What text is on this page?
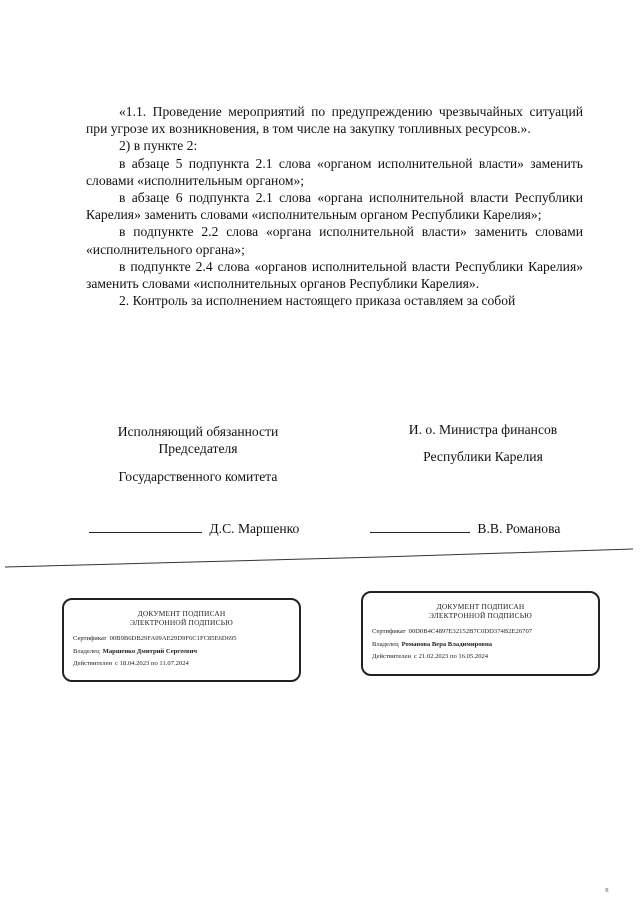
«1.1. Проведение мероприятий по предупреждению чрезвычайных ситуаций при угрозе их возникновения, в том числе на закупку топливных ресурсов.».

2) в пункте 2:

в абзаце 5 подпункта 2.1 слова «органом исполнительной власти» заменить словами «исполнительным органом»;

в абзаце 6 подпункта 2.1 слова «органа исполнительной власти Республики Карелия» заменить словами «исполнительным органом Республики Карелия»;

в подпункте 2.2 слова «органа исполнительной власти» заменить словами «исполнительного органа»;

в подпункте 2.4 слова «органов исполнительной власти Республики Карелия» заменить словами «исполнительных органов Республики Карелия».

2. Контроль за исполнением настоящего приказа оставляем за собой

Исполняющий обязанности
Председателя
Государственного комитета
И. о. Министра финансов
Республики Карелия
Д.С. Маршенко	В.В. Романова
ДОКУМЕНТ ПОДПИСАН
ЭЛЕКТРОННОЙ ПОДПИСЬЮ
Сертификат 00B9B6DB29FA09AE29D9F6C1FC85E6D695
Владелец Маршенко Дмитрий Сергеевич
Действителен с 18.04.2023 по 11.07.2024
ДОКУМЕНТ ПОДПИСАН
ЭЛЕКТРОННОЙ ПОДПИСЬЮ
Сертификат 00D0B4C4897E32152B7C0DD374B2E26707
Владелец Романова Вера Владимировна
Действителен с 21.02.2023 по 16.05.2024
ʀ
